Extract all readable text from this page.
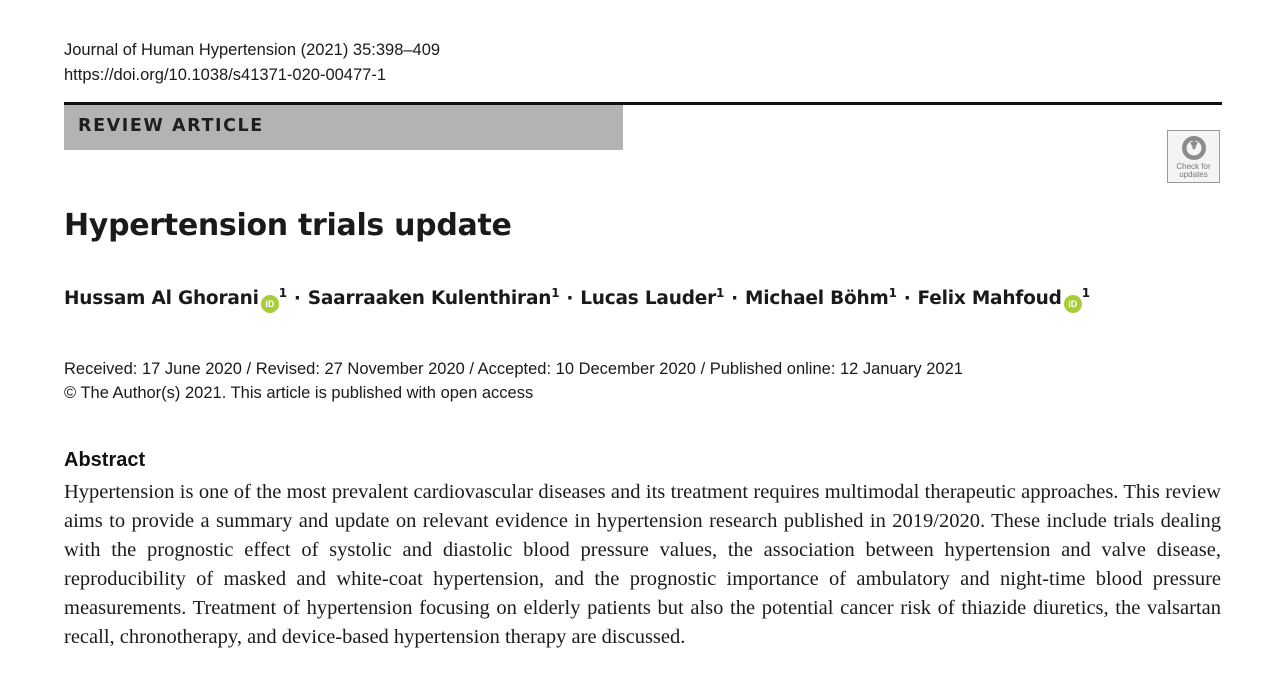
Journal of Human Hypertension (2021) 35:398–409
https://doi.org/10.1038/s41371-020-00477-1
REVIEW ARTICLE
Check for
updates
Hypertension trials update
Hussam Al Ghorani $iD^1$ · Saarraaken Kulenthiran$^1$ · Lucas Lauder$^1$ · Michael Böhm$^1$ · Felix Mahfoud $iD^1$
Received: 17 June 2020 / Revised: 27 November 2020 / Accepted: 10 December 2020 / Published online: 12 January 2021
© The Author(s) 2021. This article is published with open access
Abstract

Hypertension is one of the most prevalent cardiovascular diseases and its treatment requires multimodal therapeutic approaches. This review aims to provide a summary and update on relevant evidence in hypertension research published in 2019/2020. These include trials dealing with the prognostic effect of systolic and diastolic blood pressure values, the association between hypertension and valve disease, reproducibility of masked and white-coat hypertension, and the prognostic importance of ambulatory and night-time blood pressure measurements. Treatment of hypertension focusing on elderly patients but also the potential cancer risk of thiazide diuretics, the valsartan recall, chronotherapy, and device-based hypertension therapy are discussed.
